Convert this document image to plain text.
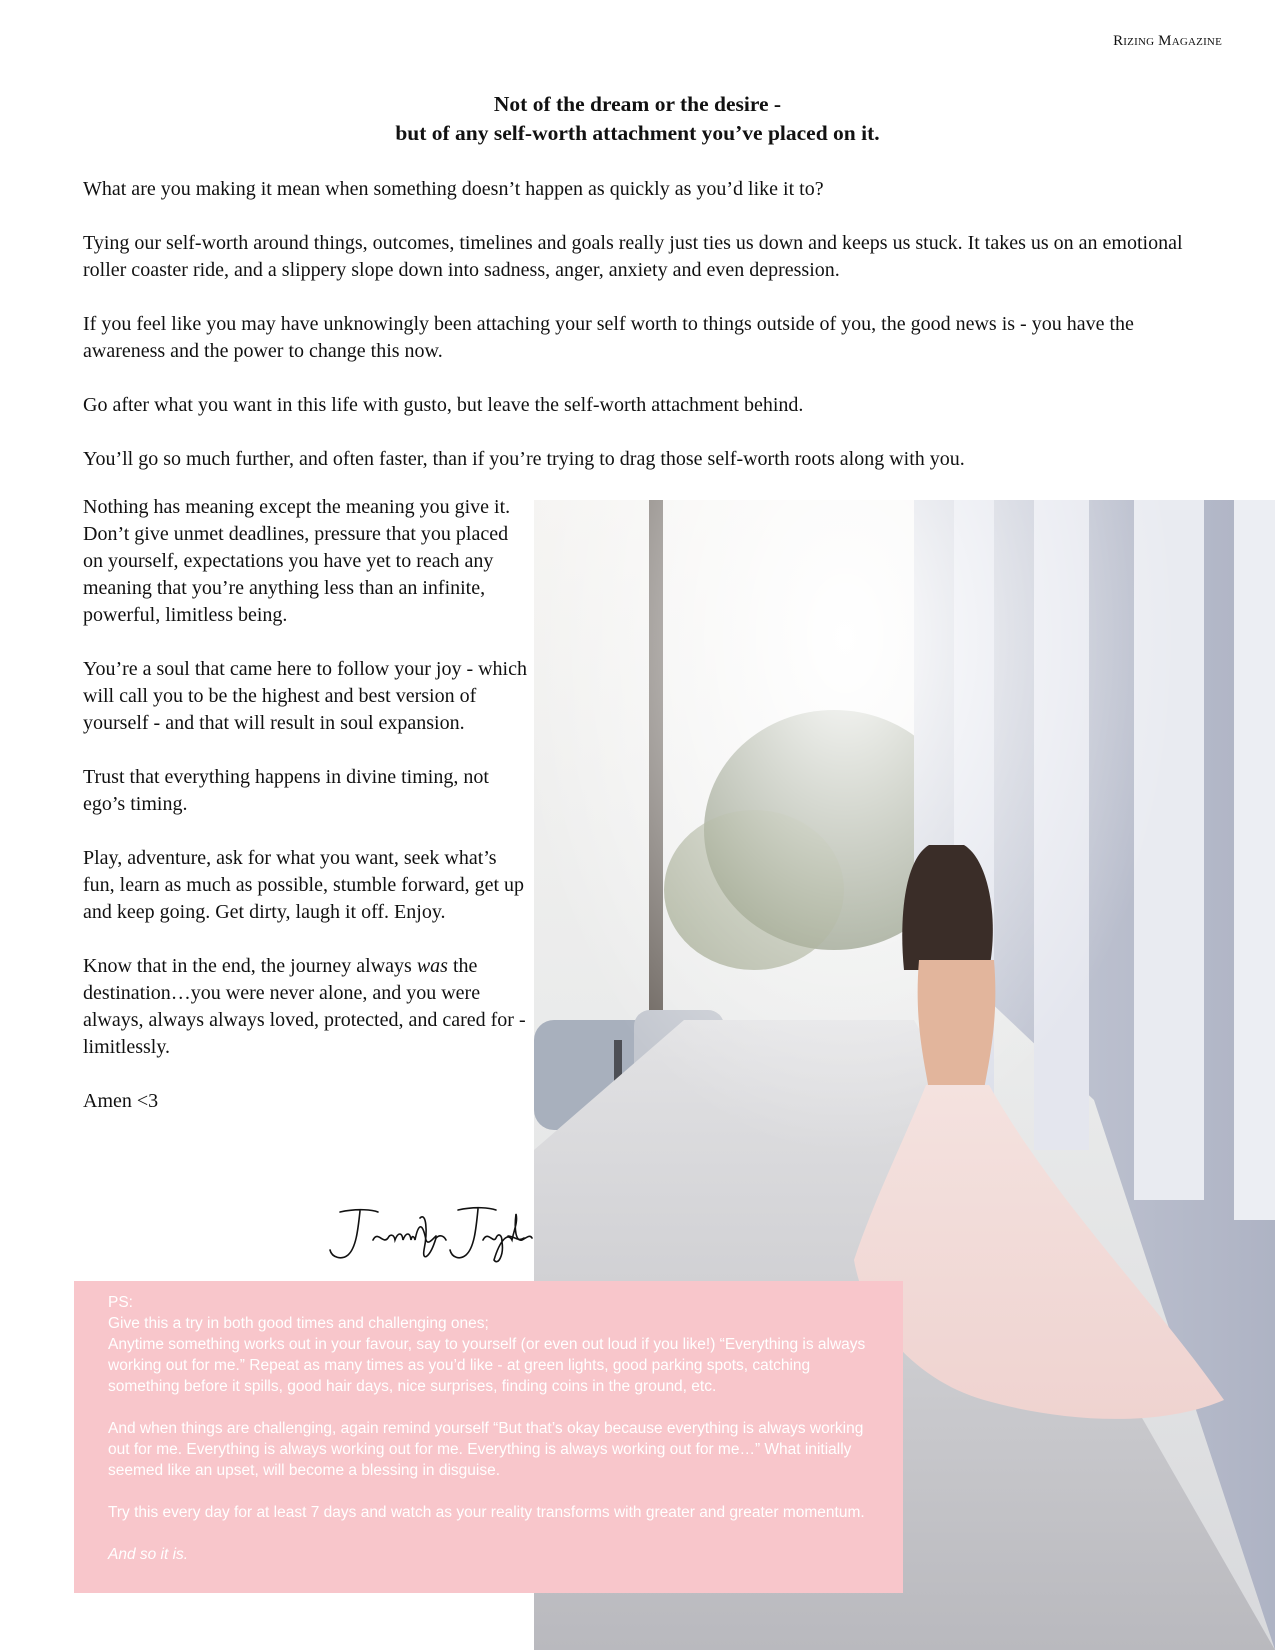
Rizing Magazine
Not of the dream or the desire -
but of any self-worth attachment you’ve placed on it.

What are you making it mean when something doesn’t happen as quickly as you’d like it to?

Tying our self-worth around things, outcomes, timelines and goals really just ties us down and keeps us stuck. It takes us on an emotional roller coaster ride, and a slippery slope down into sadness, anger, anxiety and even depression.

If you feel like you may have unknowingly been attaching your self worth to things outside of you, the good news is - you have the awareness and the power to change this now.

Go after what you want in this life with gusto, but leave the self-worth attachment behind.

You’ll go so much further, and often faster, than if you’re trying to drag those self-worth roots along with you.

Nothing has meaning except the meaning you give it. Don’t give unmet deadlines, pressure that you placed on yourself, expectations you have yet to reach any meaning that you’re anything less than an infinite, powerful, limitless being.

You’re a soul that came here to follow your joy - which will call you to be the highest and best version of yourself - and that will result in soul expansion.

Trust that everything happens in divine timing, not ego’s timing.

Play, adventure, ask for what you want, seek what’s fun, learn as much as possible, stumble forward, get up and keep going. Get dirty, laugh it off. Enjoy.

Know that in the end, the journey always was the destination…you were never alone, and you were always, always always loved, protected, and cared for - limitlessly.

Amen <3

PS:
Give this a try in both good times and challenging ones;
Anytime something works out in your favour, say to yourself (or even out loud if you like!) “Everything is always working out for me.” Repeat as many times as you’d like - at green lights, good parking spots, catching something before it spills, good hair days, nice surprises, finding coins in the ground, etc.

And when things are challenging, again remind yourself “But that’s okay because everything is always working out for me. Everything is always working out for me. Everything is always working out for me…” What initially seemed like an upset, will become a blessing in disguise.

Try this every day for at least 7 days and watch as your reality transforms with greater and greater momentum.

And so it is.
